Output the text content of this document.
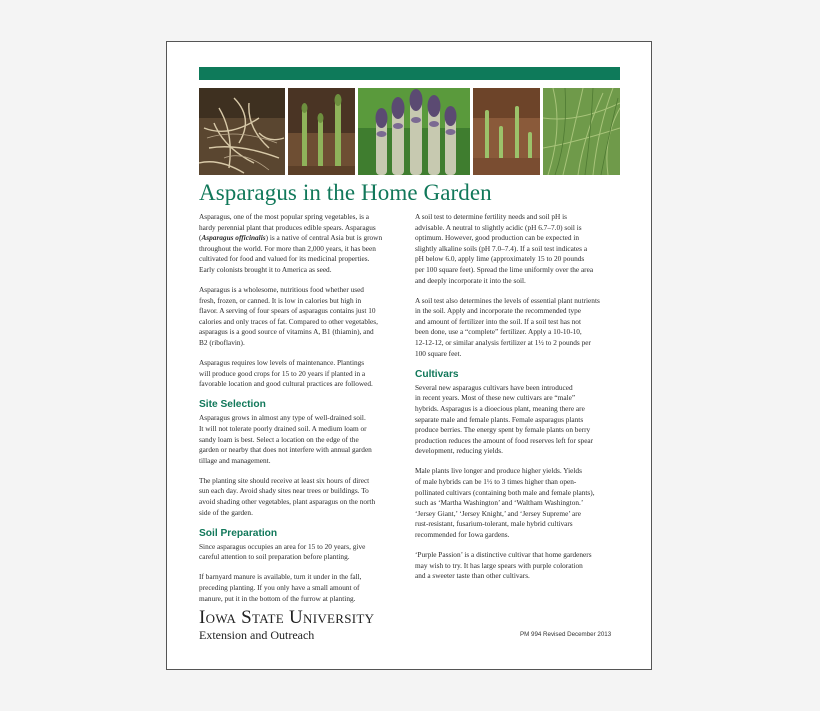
Asparagus in the Home Garden

Asparagus, one of the most popular spring vegetables, is a
hardy perennial plant that produces edible spears. Asparagus
(Asparagus officinalis) is a native of central Asia but is grown
throughout the world. For more than 2,000 years, it has been
cultivated for food and valued for its medicinal properties.
Early colonists brought it to America as seed.

Asparagus is a wholesome, nutritious food whether used
fresh, frozen, or canned. It is low in calories but high in
flavor. A serving of four spears of asparagus contains just 10
calories and only traces of fat. Compared to other vegetables,
asparagus is a good source of vitamins A, B1 (thiamin), and
B2 (riboflavin).

Asparagus requires low levels of maintenance. Plantings
will produce good crops for 15 to 20 years if planted in a
favorable location and good cultural practices are followed.

Site Selection

Asparagus grows in almost any type of well-drained soil.
It will not tolerate poorly drained soil. A medium loam or
sandy loam is best. Select a location on the edge of the
garden or nearby that does not interfere with annual garden
tillage and management.

The planting site should receive at least six hours of direct
sun each day. Avoid shady sites near trees or buildings. To
avoid shading other vegetables, plant asparagus on the north
side of the garden.

Soil Preparation

Since asparagus occupies an area for 15 to 20 years, give
careful attention to soil preparation before planting.

If barnyard manure is available, turn it under in the fall,
preceding planting. If you only have a small amount of
manure, put it in the bottom of the furrow at planting.

A soil test to determine fertility needs and soil pH is
advisable. A neutral to slightly acidic (pH 6.7–7.0) soil is
optimum. However, good production can be expected in
slightly alkaline soils (pH 7.0–7.4). If a soil test indicates a
pH below 6.0, apply lime (approximately 15 to 20 pounds
per 100 square feet). Spread the lime uniformly over the area
and deeply incorporate it into the soil.

A soil test also determines the levels of essential plant nutrients
in the soil. Apply and incorporate the recommended type
and amount of fertilizer into the soil. If a soil test has not
been done, use a “complete” fertilizer. Apply a 10-10-10,
12-12-12, or similar analysis fertilizer at 1½ to 2 pounds per
100 square feet.

Cultivars

Several new asparagus cultivars have been introduced
in recent years. Most of these new cultivars are “male”
hybrids. Asparagus is a dioecious plant, meaning there are
separate male and female plants. Female asparagus plants
produce berries. The energy spent by female plants on berry
production reduces the amount of food reserves left for spear
development, reducing yields.

Male plants live longer and produce higher yields. Yields
of male hybrids can be 1½ to 3 times higher than open-
pollinated cultivars (containing both male and female plants),
such as ‘Martha Washington’ and ‘Waltham Washington.’
‘Jersey Giant,’ ‘Jersey Knight,’ and ‘Jersey Supreme’ are
rust-resistant, fusarium-tolerant, male hybrid cultivars
recommended for Iowa gardens.

‘Purple Passion’ is a distinctive cultivar that home gardeners
may wish to try. It has large spears with purple coloration
and a sweeter taste than other cultivars.

Iowa State University
Extension and Outreach	PM 994 Revised December 2013
